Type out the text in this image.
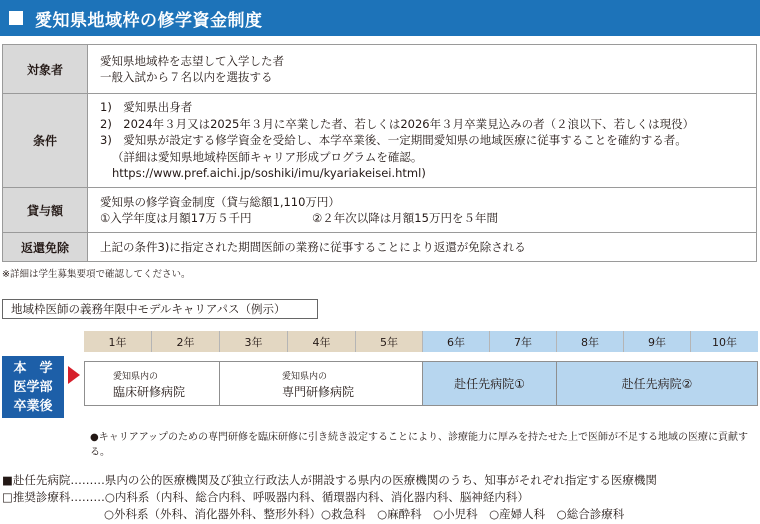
愛知県地域枠の修学資金制度
対象者	愛知県地域枠を志望して入学した者
一般入試から７名以内を選抜する

条件	1)　愛知県出身者
2)　2024年３月又は2025年３月に卒業した者、若しくは2026年３月卒業見込みの者（２浪以下、若しくは現役）
3)　愛知県が設定する修学資金を受給し、本学卒業後、一定期間愛知県の地域医療に従事することを確約する者。
（詳細は愛知県地域枠医師キャリア形成プログラムを確認。
https://www.pref.aichi.jp/soshiki/imu/kyariakeisei.html)

貸与額	愛知県の修学資金制度（貸与総額1,110万円）
①入学年度は月額17万５千円 ②２年次以降は月額15万円を５年間

返還免除	上記の条件3)に指定された期間医師の業務に従事することにより返還が免除される
※詳細は学生募集要項で確認してください。
地域枠医師の義務年限中モデルキャリアパス（例示）
1年	2年	3年	4年	5年	6年	7年	8年	9年	10年
本　学
医学部
卒業後
愛知県内の
臨床研修病院
愛知県内の
専門研修病院
赴任先病院①	赴任先病院②
●キャリアアップのための専門研修を臨床研修に引き続き設定することにより、診療能力に厚みを持たせた上で医師が不足する地域の医療に貢献する。
■赴任先病院………県内の公的医療機関及び独立行政法人が開設する県内の医療機関のうち、知事がそれぞれ指定する医療機関
□推奨診療科………○内科系（内科、総合内科、呼吸器内科、循環器内科、消化器内科、脳神経内科）
○外科系（外科、消化器外科、整形外科）○救急科　○麻酔科　○小児科　○産婦人科　○総合診療科
